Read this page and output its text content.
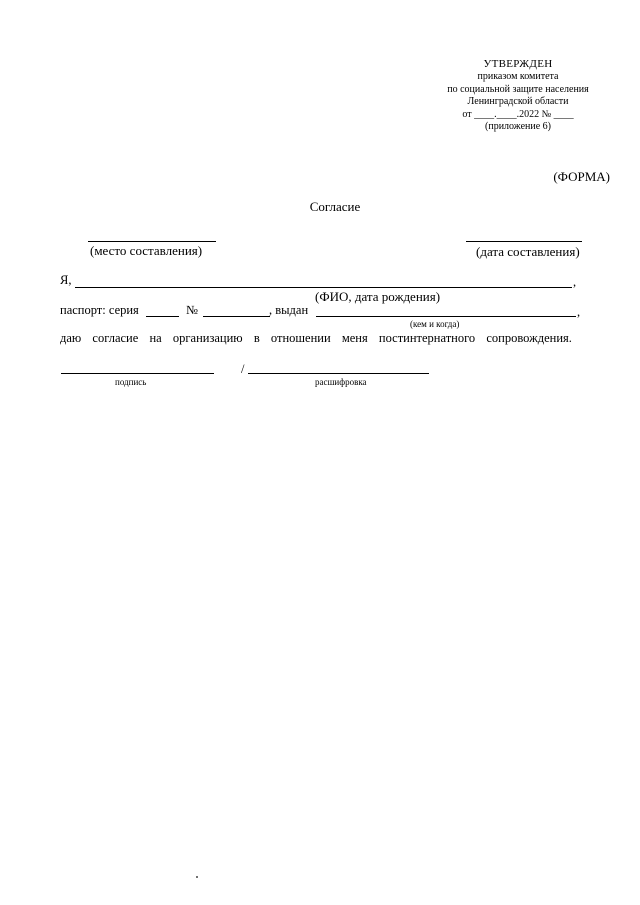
УТВЕРЖДЕН
приказом комитета
по социальной защите населения
Ленинградской области
от ____.____.2022 № ____
(приложение 6)
(ФОРМА)
Согласие
(место составления)	(дата составления)
Я,	,
(ФИО, дата рождения)
паспорт: серия	№	, выдан	,
(кем и когда)
даю согласие на организацию в отношении меня постинтернатного сопровождения.
/
подпись	расшифровка
